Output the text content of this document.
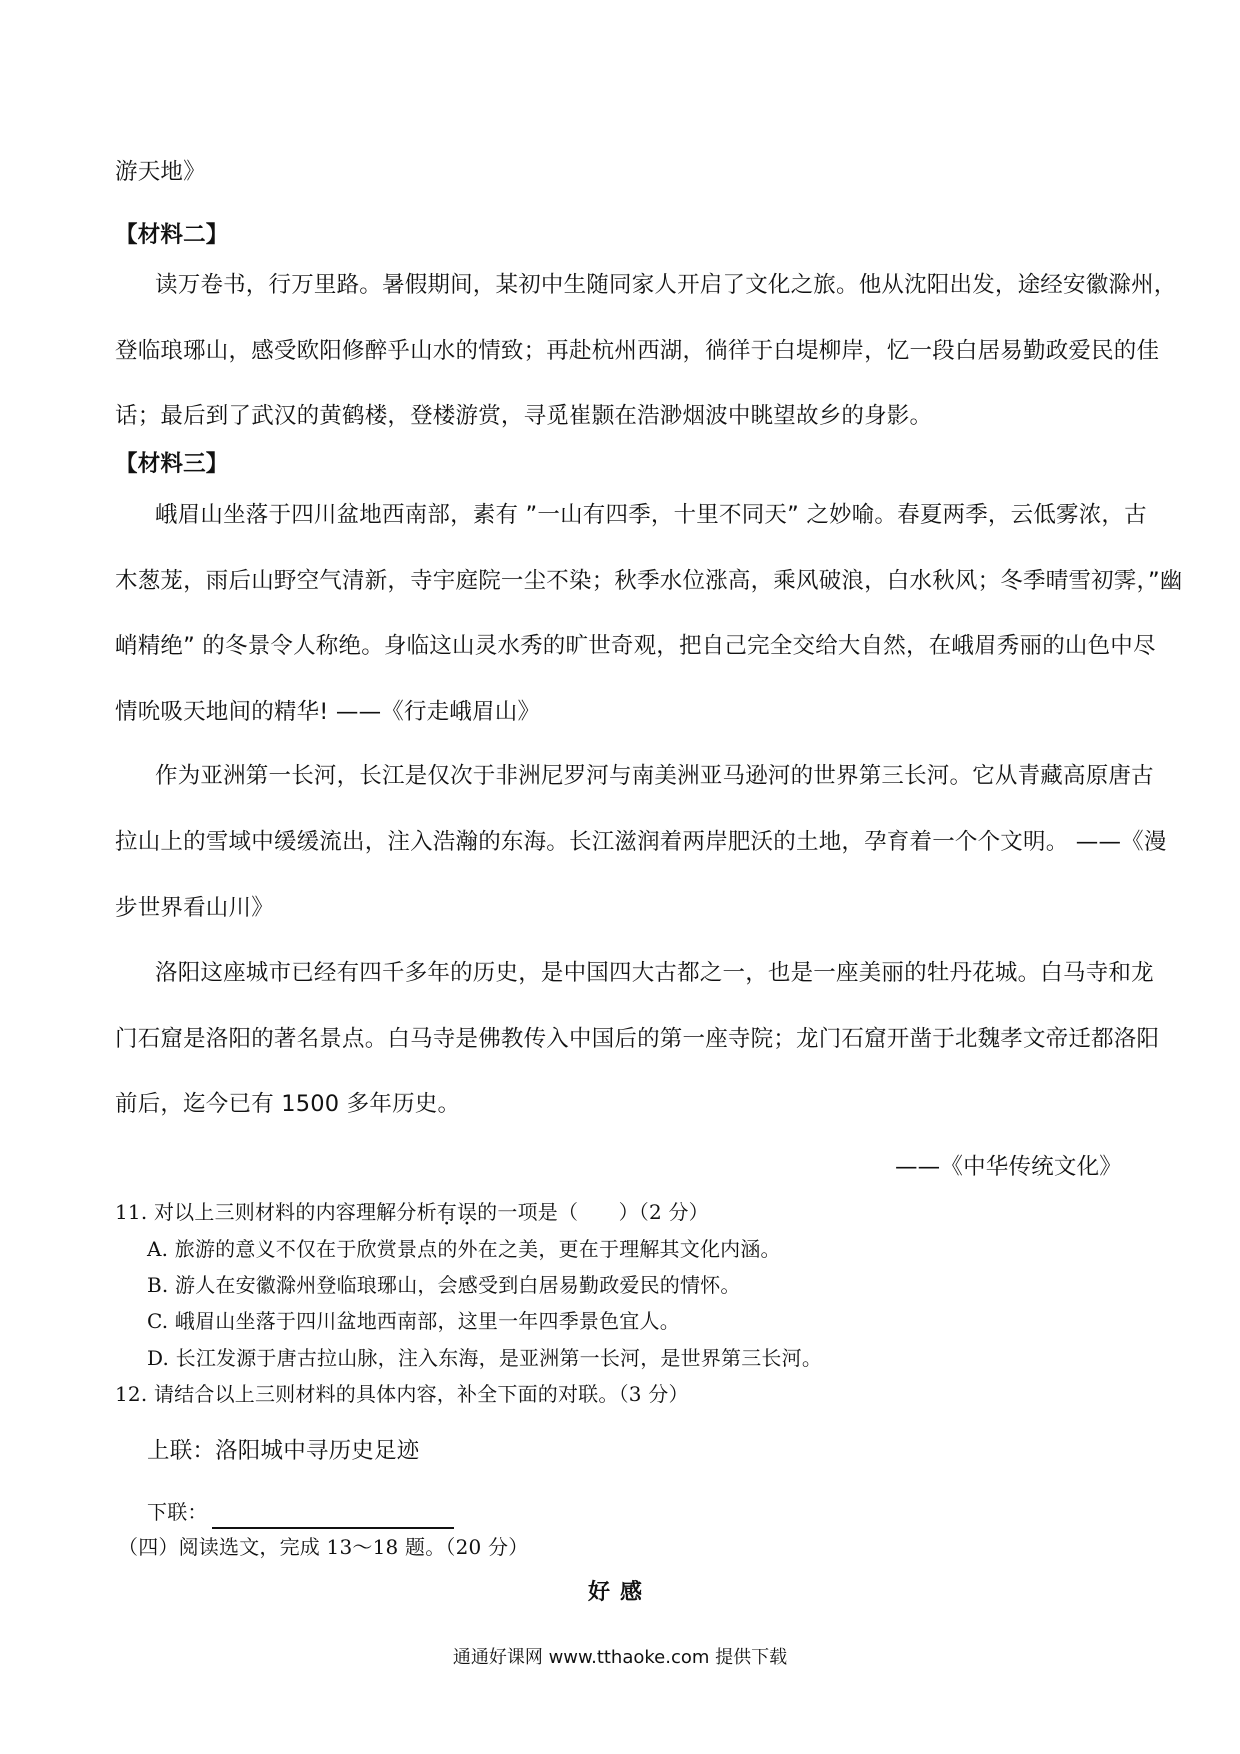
游天地》
【材料二】
读万卷书，行万里路。暑假期间，某初中生随同家人开启了文化之旅。他从沈阳出发，途经安徽滁州，
登临琅琊山，感受欧阳修醉乎山水的情致；再赴杭州西湖，徜徉于白堤柳岸，忆一段白居易勤政爱民的佳
话；最后到了武汉的黄鹤楼，登楼游赏，寻觅崔颢在浩渺烟波中眺望故乡的身影。
【材料三】
峨眉山坐落于四川盆地西南部，素有 ”一山有四季，十里不同天” 之妙喻。春夏两季，云低雾浓，古
木葱茏，雨后山野空气清新，寺宇庭院一尘不染；秋季水位涨高，乘风破浪，白水秋风；冬季晴雪初霁，”幽
峭精绝” 的冬景令人称绝。身临这山灵水秀的旷世奇观，把自己完全交给大自然，在峨眉秀丽的山色中尽
情吮吸天地间的精华! ——《行走峨眉山》
作为亚洲第一长河，长江是仅次于非洲尼罗河与南美洲亚马逊河的世界第三长河。它从青藏高原唐古
拉山上的雪域中缓缓流出，注入浩瀚的东海。长江滋润着两岸肥沃的土地，孕育着一个个文明。 ——《漫
步世界看山川》
洛阳这座城市已经有四千多年的历史，是中国四大古都之一，也是一座美丽的牡丹花城。白马寺和龙
门石窟是洛阳的著名景点。白马寺是佛教传入中国后的第一座寺院；龙门石窟开凿于北魏孝文帝迁都洛阳
前后，迄今已有 1500 多年历史。
——《中华传统文化》
11. 对以上三则材料的内容理解分析有误的一项是（　　）（2 分）
A. 旅游的意义不仅在于欣赏景点的外在之美，更在于理解其文化内涵。
B. 游人在安徽滁州登临琅琊山，会感受到白居易勤政爱民的情怀。
C. 峨眉山坐落于四川盆地西南部，这里一年四季景色宜人。
D. 长江发源于唐古拉山脉，注入东海，是亚洲第一长河，是世界第三长河。
12. 请结合以上三则材料的具体内容，补全下面的对联。（3 分）
上联：洛阳城中寻历史足迹
下联：
（四）阅读选文，完成 13～18 题。（20 分）
好感
通通好课网 www.tthaoke.com 提供下载
